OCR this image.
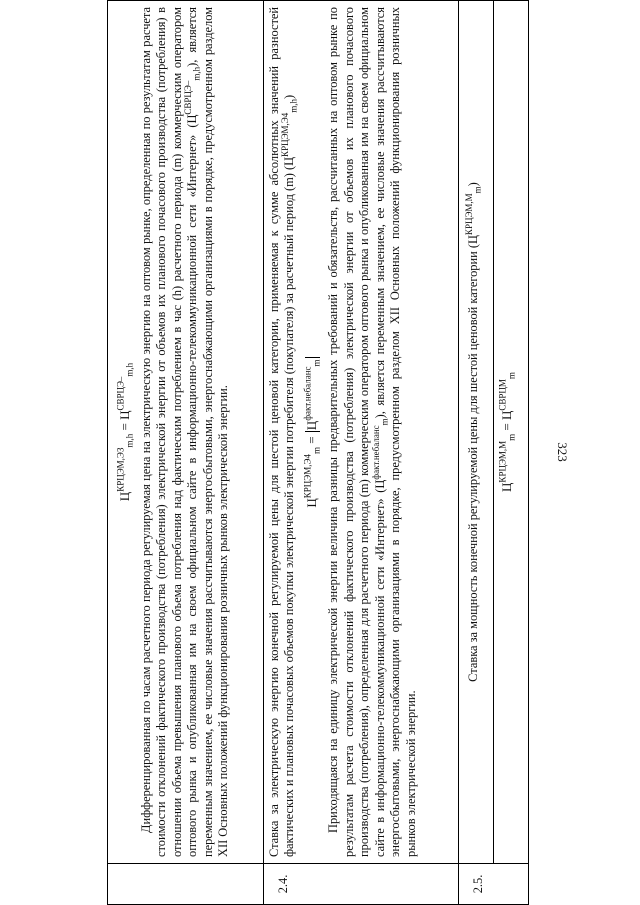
323

	$Ц^{КРЦЭМ,ЭЗ}_{m,h} = Ц^{СВРЦЭ-}_{m,h}$ Дифференцированная по часам расчетного периода регулируемая цена на электрическую энергию на оптовом рынке, определенная по результатам расчета стоимости отклонений фактического производства (потребления) электрической энергии от объемов их планового почасового производства (потребления) в отношении объема превышения планового объема потребления над фактическим потреблением в час (h) расчетного периода (m) коммерческим оператором оптового рынка и опубликованная им на своем официальном сайте в информационно-телекоммуникационной сети «Интернет» $(Ц^{СВРЦЭ-}_{m,h})$, является переменным значением, ее числовые значения рассчитываются энергосбытовыми, энергоснабжающими организациями в порядке, предусмотренном разделом XII Основных положений функционирования розничных рынков электрической энергии.

2.4.	Ставка за электрическую энергию конечной регулируемой цены для шестой ценовой категории, применяемая к сумме абсолютных значений разностей фактических и плановых почасовых объемов покупки электрической энергии потребителя (покупателя) за расчетный период (m) $(Ц^{КРЦЭМ,Э4}_{m,h})$

$Ц^{КРЦЭМ,Э4}_m = Ц^{факт.небаланс}_m$ Приходящаяся на единицу электрической энергии величина разницы предварительных требований и обязательств, рассчитанных на оптовом рынке по результатам расчета стоимости отклонений фактического производства (потребления) электрической энергии от объемов их планового почасового производства (потребления), определенная для расчетного периода (m) коммерческим оператором оптового рынка и опубликованная им на своем официальном сайте в информационно-телекоммуникационной сети «Интернет» $(Ц^{факт.небаланс}_m)$, является переменным значением, ее числовые значения рассчитываются энергосбытовыми, энергоснабжающими организациями в порядке, предусмотренном разделом XII Основных положений функционирования розничных рынков электрической энергии.

2.5.	Ставка за мощность конечной регулируемой цены для шестой ценовой категории $(Ц^{КРЦЭМ,М}_m)$

	$Ц^{КРЦЭМ,М}_m = Ц^{СВРЦМ}_m$
